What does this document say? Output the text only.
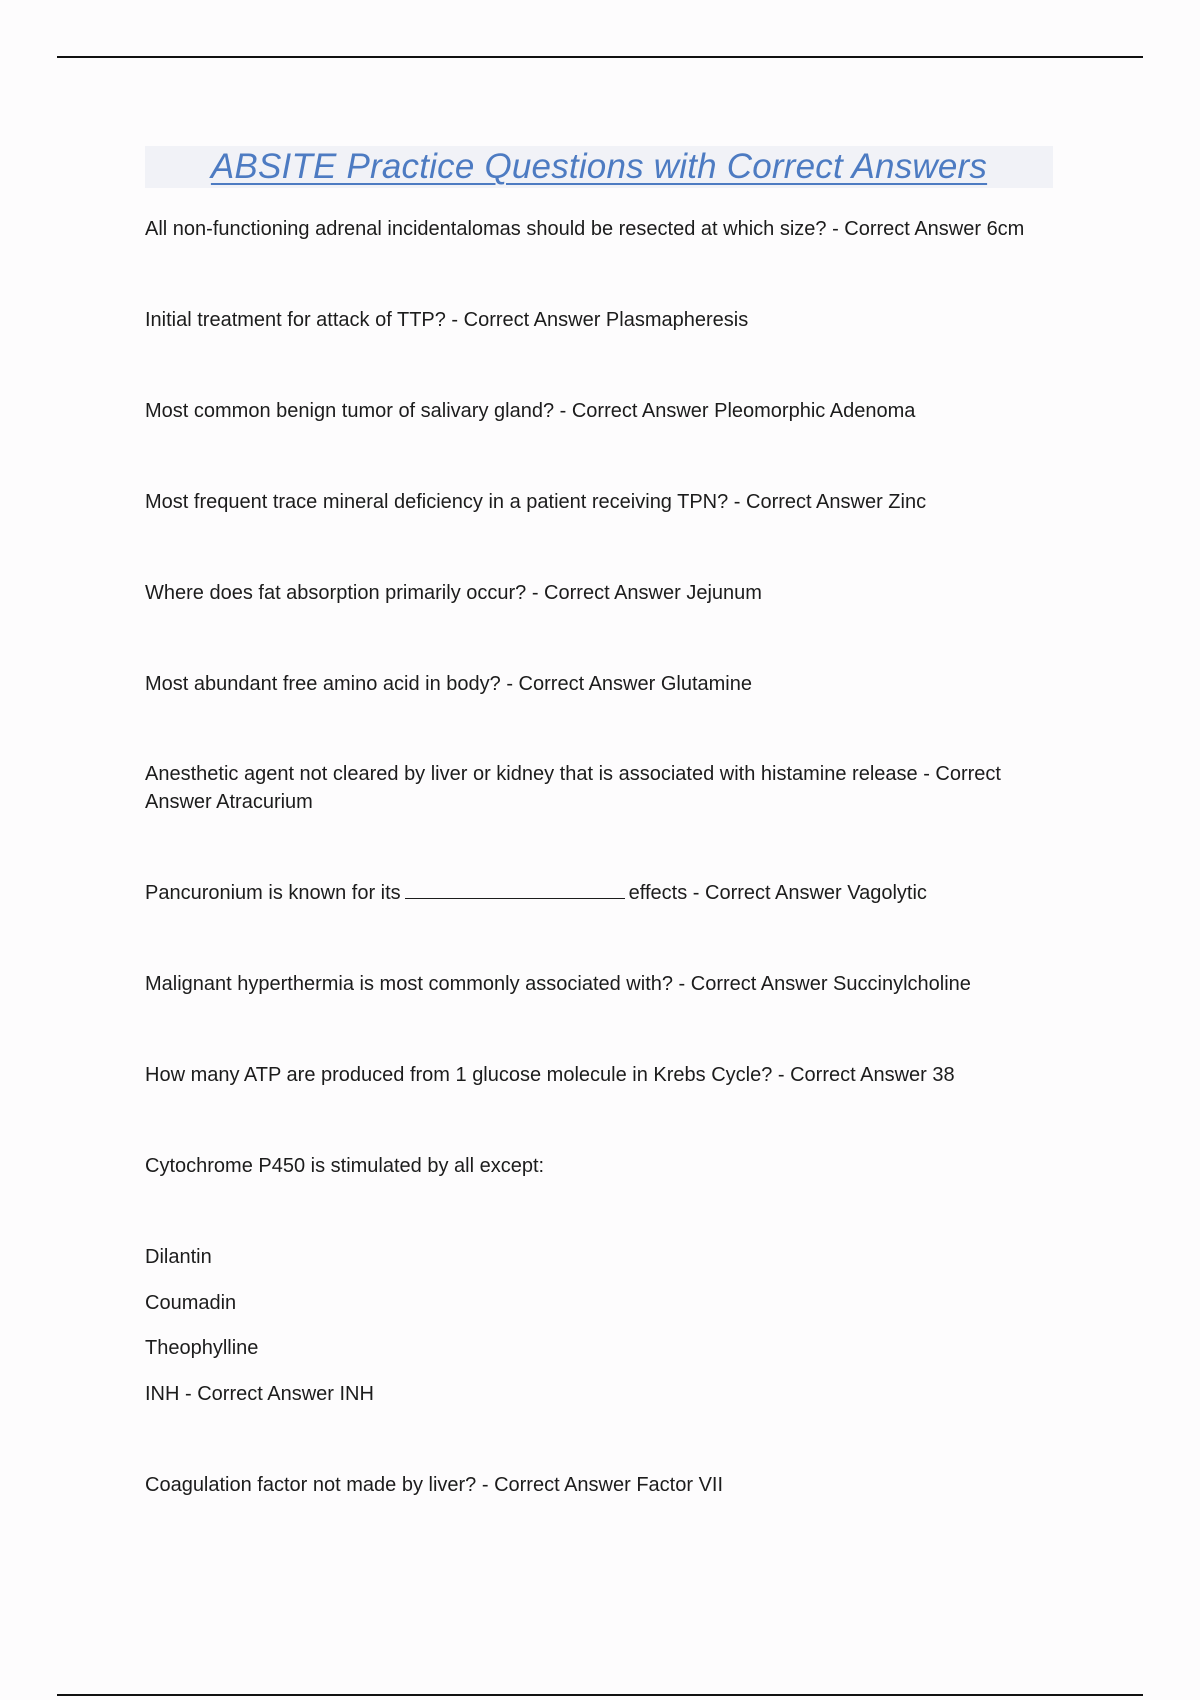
ABSITE Practice Questions with Correct Answers

All non-functioning adrenal incidentalomas should be resected at which size? - Correct Answer 6cm

Initial treatment for attack of TTP? - Correct Answer Plasmapheresis

Most common benign tumor of salivary gland? - Correct Answer Pleomorphic Adenoma

Most frequent trace mineral deficiency in a patient receiving TPN? - Correct Answer Zinc

Where does fat absorption primarily occur? - Correct Answer Jejunum

Most abundant free amino acid in body? - Correct Answer Glutamine

Anesthetic agent not cleared by liver or kidney that is associated with histamine release - Correct Answer Atracurium

Pancuronium is known for its	effects - Correct Answer Vagolytic

Malignant hyperthermia is most commonly associated with? - Correct Answer Succinylcholine

How many ATP are produced from 1 glucose molecule in Krebs Cycle? - Correct Answer 38

Cytochrome P450 is stimulated by all except:

Dilantin

Coumadin

Theophylline

INH - Correct Answer INH

Coagulation factor not made by liver? - Correct Answer Factor VII
